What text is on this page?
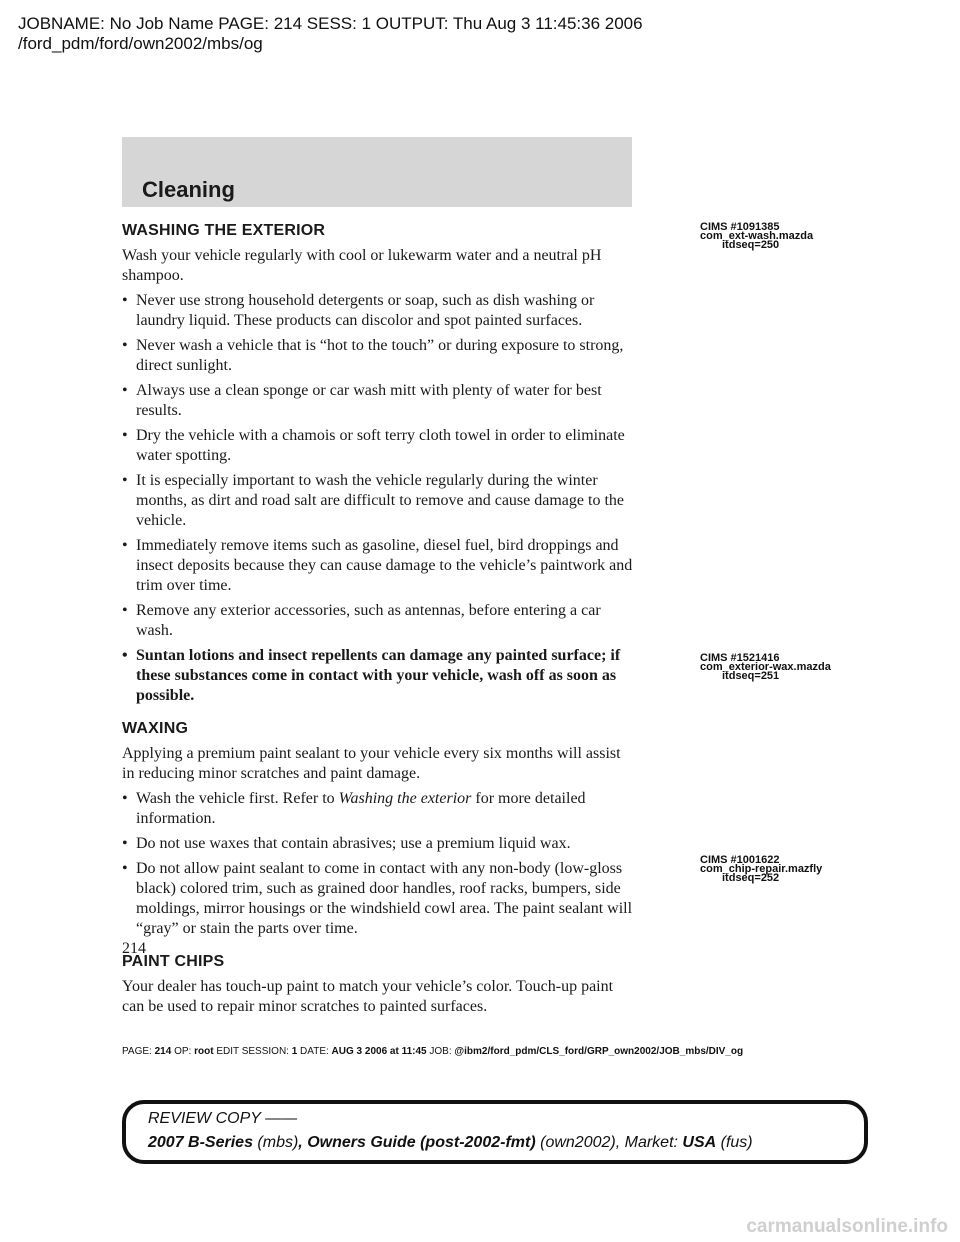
JOBNAME: No Job Name PAGE: 214 SESS: 1 OUTPUT: Thu Aug 3 11:45:36 2006
/ford_pdm/ford/own2002/mbs/og
Cleaning
WASHING THE EXTERIOR
Wash your vehicle regularly with cool or lukewarm water and a neutral pH shampoo.
• Never use strong household detergents or soap, such as dish washing or laundry liquid. These products can discolor and spot painted surfaces.
• Never wash a vehicle that is “hot to the touch” or during exposure to strong, direct sunlight.
• Always use a clean sponge or car wash mitt with plenty of water for best results.
• Dry the vehicle with a chamois or soft terry cloth towel in order to eliminate water spotting.
• It is especially important to wash the vehicle regularly during the winter months, as dirt and road salt are difficult to remove and cause damage to the vehicle.
• Immediately remove items such as gasoline, diesel fuel, bird droppings and insect deposits because they can cause damage to the vehicle’s paintwork and trim over time.
• Remove any exterior accessories, such as antennas, before entering a car wash.
• Suntan lotions and insect repellents can damage any painted surface; if these substances come in contact with your vehicle, wash off as soon as possible.
WAXING
Applying a premium paint sealant to your vehicle every six months will assist in reducing minor scratches and paint damage.
• Wash the vehicle first. Refer to Washing the exterior for more detailed information.
• Do not use waxes that contain abrasives; use a premium liquid wax.
• Do not allow paint sealant to come in contact with any non-body (low-gloss black) colored trim, such as grained door handles, roof racks, bumpers, side moldings, mirror housings or the windshield cowl area. The paint sealant will “gray” or stain the parts over time.
PAINT CHIPS
Your dealer has touch-up paint to match your vehicle’s color. Touch-up paint can be used to repair minor scratches to painted surfaces.
CIMS #1091385
com_ext-wash.mazda
itdseq=250
CIMS #1521416
com_exterior-wax.mazda
itdseq=251
CIMS #1001622
com_chip-repair.mazfly
itdseq=252
214
PAGE: 214 OP: root EDIT SESSION: 1 DATE: AUG 3 2006 at 11:45 JOB: @ibm2/ford_pdm/CLS_ford/GRP_own2002/JOB_mbs/DIV_og
REVIEW COPY ——
2007 B-Series (mbs), Owners Guide (post-2002-fmt) (own2002), Market: USA (fus)
carmanualsonline.info
